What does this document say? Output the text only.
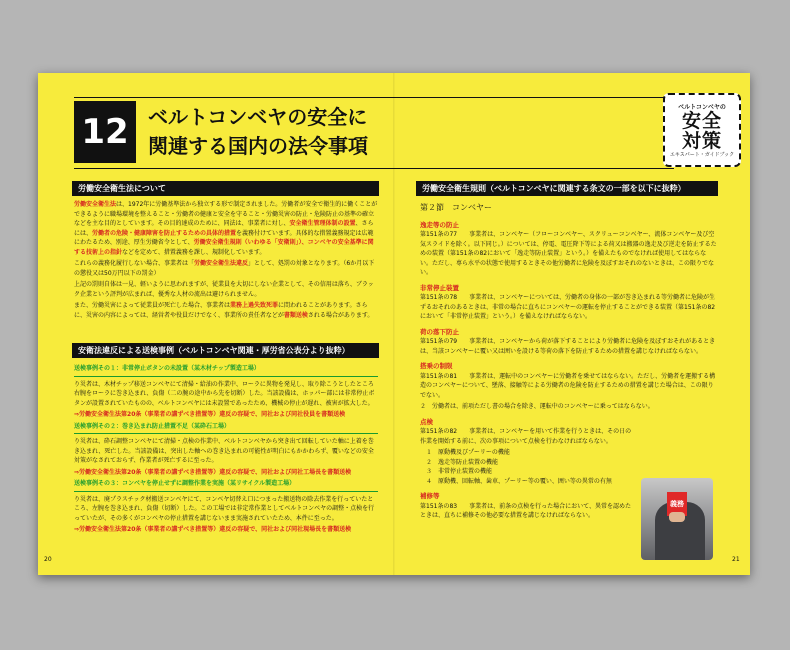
12 ベルトコンベヤの安全に
関連する国内の法令事項
ベルトコンベヤの
安全
対策
エキスパート・ガイドブック
労働安全衛生法について

労働安全衛生法は、1972年に労働基準法から独立する形で制定されました。労働者が安全で衛生的に働くことができるように職場環境を整えること・労働者の健康と安全を守ること・労働災害の防止・危険防止の基準の確立などを主な目的としています。その目的達成のために、同法は、事業者に対し、安全衛生管理体制の設置、さらには、労働者の危険・健康障害を防止するための具体的措置を義務付けています。具体的な措置義務規定は広範にわたるため、別途、厚生労働省令として、労働安全衛生規則（いわゆる「安衛則」）、コンベヤの安全基準に関する技術上の指針などを定めて、措置義務を課し、規制化しています。

これらの義務化履行しない場合、事業者は「労働安全衛生法違反」として、処罰の対象となります。（6か月以下の懲役又は50万円以下の罰金）

上記の罰則自体は一見、軽いように思われますが、従業員を大切にしない企業として、その信用は落ち、ブラック企業という評判が広まれば、優秀な人材の流出は避けられません。

また、労働災害によって従業員が死亡した場合、事業者は業務上過失致死罪に問われることがあります。さらに、災害の内容によっては、経営者や役員だけでなく、事業所の責任者などが書類送検される場合があります。

安衛法違反による送検事例（ベルトコンベヤ関連・厚労省公表分より抜粋）
送検事例その１：非常停止ボタンの未設置（某木材チップ製造工場）

り災者は、木材チップ移送コンベヤにて清掃・給油の作業中、ローラに異物を発見し、取り除こうとしたところ右腕をローラに巻き込まれ、負傷（二の腕の途中から先を切断）した。当該設備は、ホッパー部には非常停止ボタンが設置されていたものの、ベルトコンベヤには未設置であったため、機械の停止が遅れ、被害が拡大した。

⇒労働安全衛生法第20条（事業者の講ずべき措置等）違反の容疑で、同社および同社役員を書類送検

送検事例その２：巻き込まれ防止措置不足（某砕石工場）

り災者は、砕石調整コンベヤにて清掃・点検の作業中、ベルトコンベヤから突き出て回転していた軸に上着を巻き込まれ、死亡した。当該設備は、突出した軸への巻き込まれの可能性が明白にもかかわらず、覆いなどの安全対策がなされておらず、作業者が死亡するに至った。

⇒労働安全衛生法第20条（事業者の講ずべき措置等）違反の容疑で、同社および同社工場長を書類送検

送検事例その３：コンベヤを停止せずに調整作業を実施（某リサイクル製造工場）

り災者は、廃プラスチック材搬送コンベヤにて、コンベヤ切替え口につまった搬送物の除去作業を行っていたところ、左腕を巻き込まれ、負傷（切断）した。この工場では非定常作業としてベルトコンベヤの調整・点検を行っていたが、その多くがコンベヤの停止措置を講じないまま実施されていたため、本件に至った。

⇒労働安全衛生法第20条（事業者の講ずべき措置等）違反の容疑で、同社および同社現場長を書類送検

20
労働安全衛生規則（ベルトコンベヤに関連する条文の一部を以下に抜粋）
第２節　コンベヤー
逸走等の防止

第151条の77　　事業者は、コンベヤー（フローコンベヤー、スクリューコンベヤー、流体コンベヤー及び空気スライドを除く。以下同じ。）については、停電、電圧降下等による荷又は搬器の逸走及び逆走を防止するための装置（第151条の82において「逸走等防止装置」という。）を備えたものでなければ使用してはならない。ただし、専ら水平の状態で使用するときその他労働者に危険を及ぼすおそれのないときは、この限りでない。

非常停止装置

第151条の78　　事業者は、コンベヤーについては、労働者の身体の一部が巻き込まれる等労働者に危険が生ずるおそれのあるときは、非常の場合に直ちにコンベヤーの運転を停止することができる装置（第151条の82において「非常停止装置」という。）を備えなければならない。

荷の落下防止

第151条の79　　事業者は、コンベヤーから荷が落下することにより労働者に危険を及ぼすおそれがあるときは、当該コンベヤーに覆い又は囲いを設ける等荷の落下を防止するための措置を講じなければならない。

搭乗の制限

第151条の81　　事業者は、運転中のコンベヤーに労働者を乗せてはならない。ただし、労働者を運搬する構造のコンベヤーについて、墜落、接触等による労働者の危険を防止するための措置を講じた場合は、この限りでない。

２　労働者は、前項ただし書の場合を除き、運転中のコンベヤーに乗ってはならない。

点検

第151条の82　　事業者は、コンベヤーを用いて作業を行うときは、その日の作業を開始する前に、次の事項について点検を行わなければならない。

１　原動機及びプーリーの機能
２　逸走等防止装置の機能
３　非常停止装置の機能
４　原動機、回転軸、歯車、プーリー等の覆い、囲い等の異常の有無
補修等

第151条の83　　事業者は、前条の点検を行った場合において、異常を認めたときは、直ちに補修その他必要な措置を講じなければならない。

義務
21
